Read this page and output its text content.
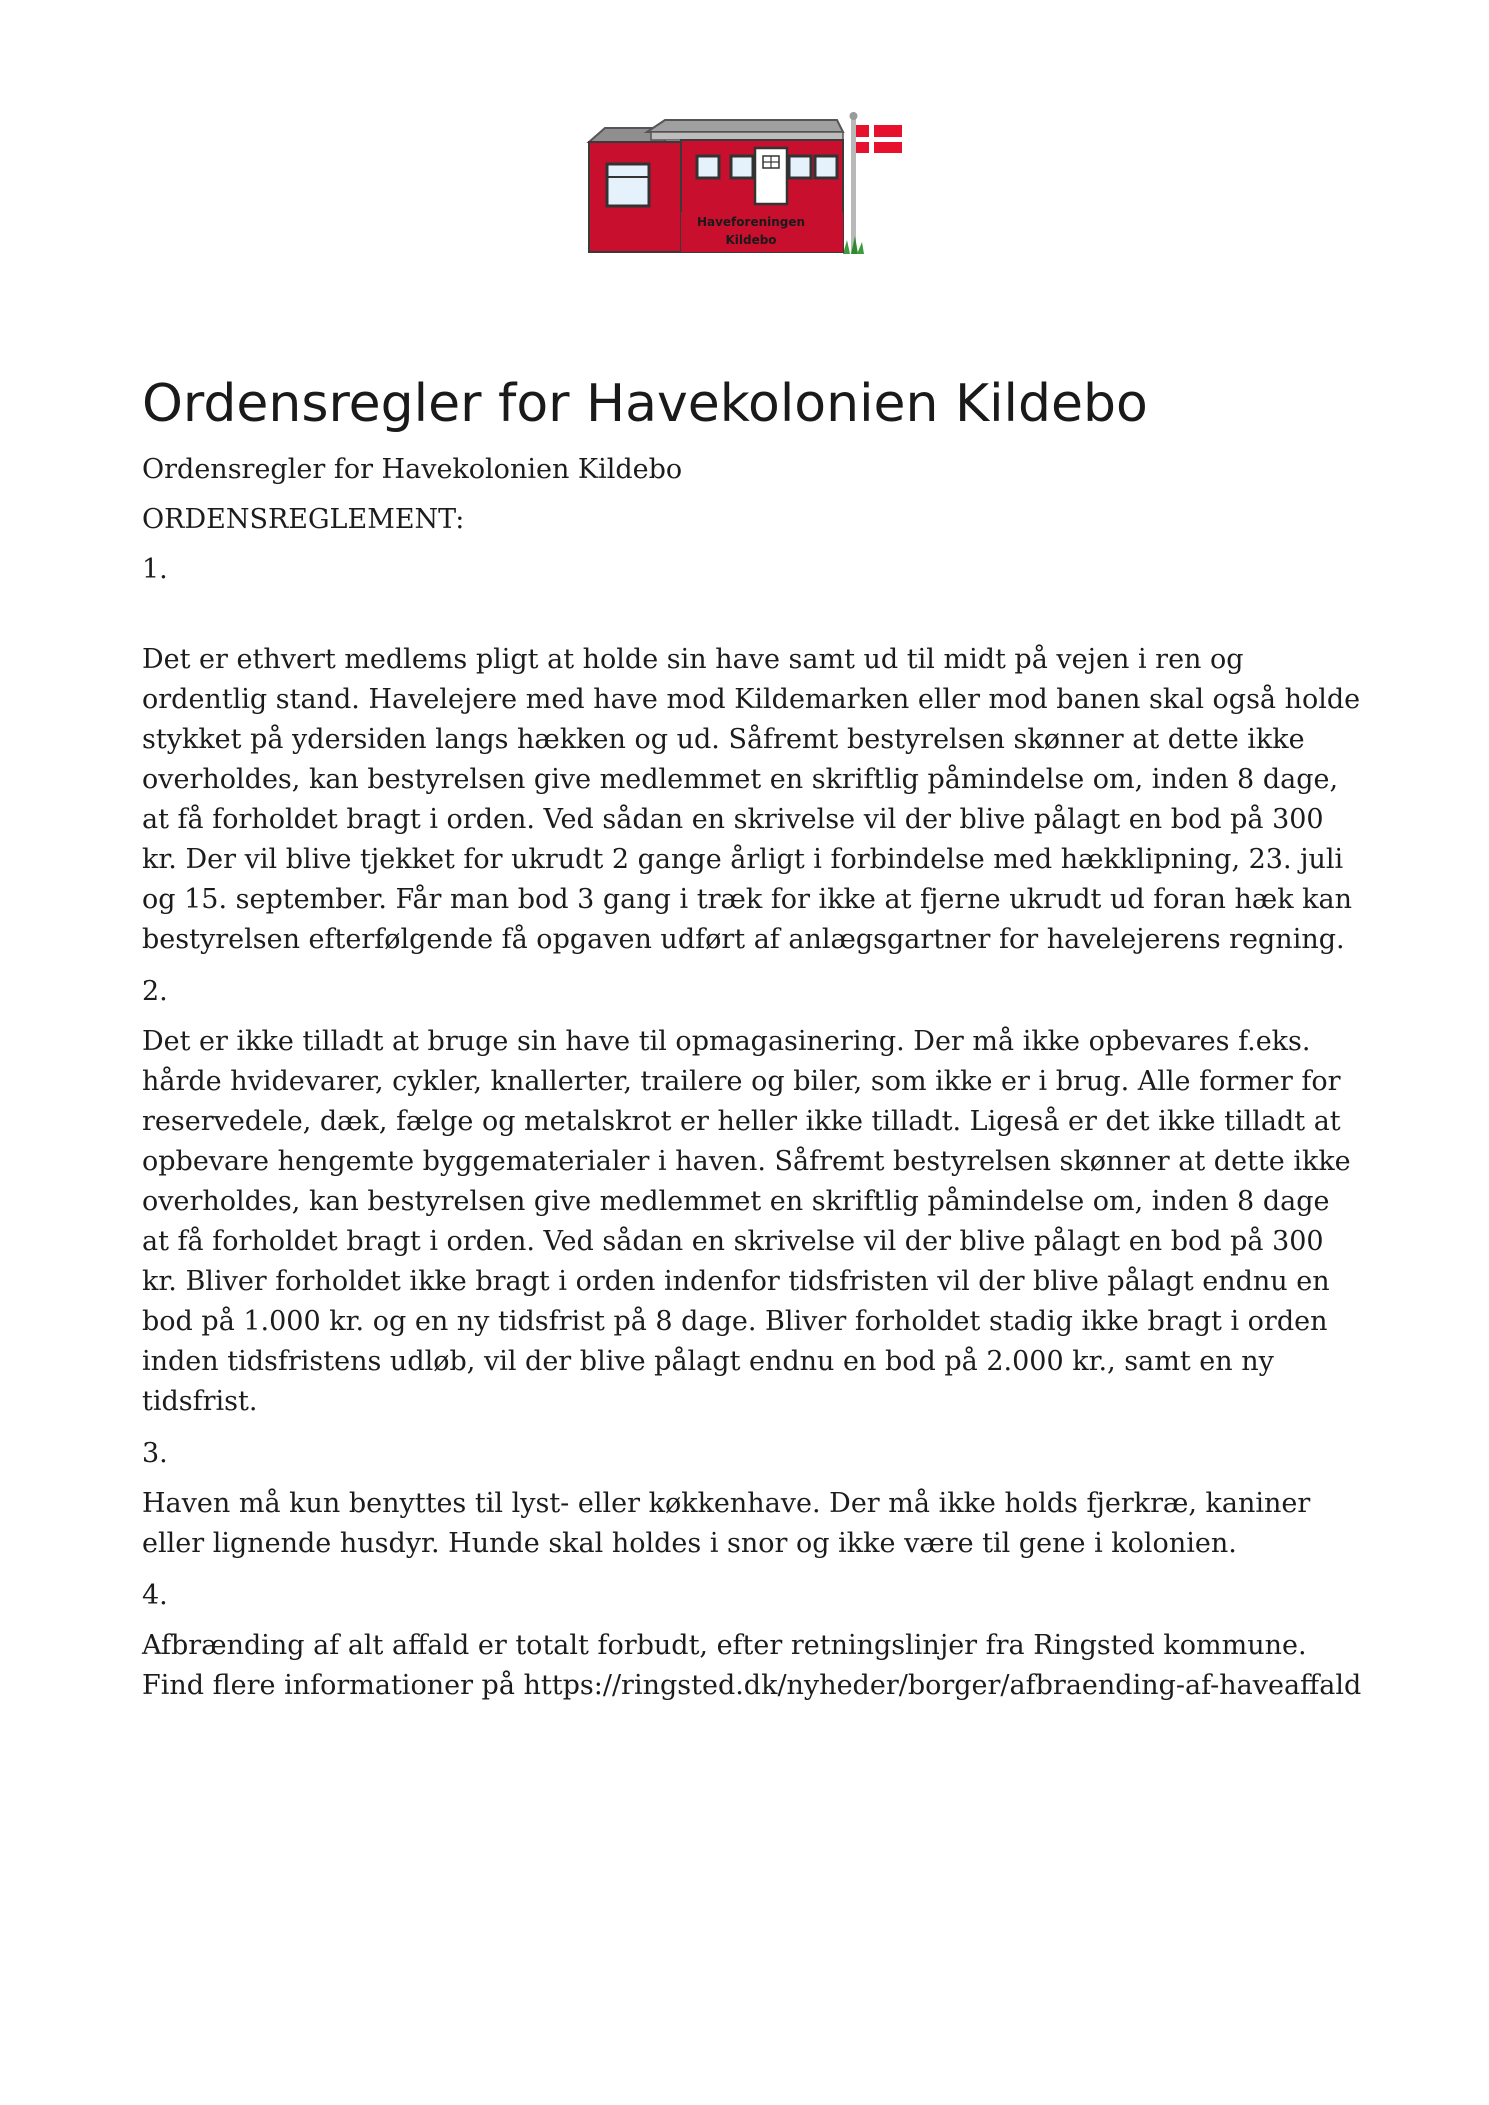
Haveforeningen
Kildebo
Ordensregler for Havekolonien Kildebo
Ordensregler for Havekolonien Kildebo
ORDENSREGLEMENT:
1.
Det er ethvert medlems pligt at holde sin have samt ud til midt på vejen i ren og ordentlig stand. Havelejere med have mod Kildemarken eller mod banen skal også holde stykket på ydersiden langs hækken og ud. Såfremt bestyrelsen skønner at dette ikke overholdes, kan bestyrelsen give medlemmet en skriftlig påmindelse om, inden 8 dage, at få forholdet bragt i orden. Ved sådan en skrivelse vil der blive pålagt en bod på 300 kr. Der vil blive tjekket for ukrudt 2 gange årligt i forbindelse med hækklipning, 23. juli og 15. september. Får man bod 3 gang i træk for ikke at fjerne ukrudt ud foran hæk kan bestyrelsen efterfølgende få opgaven udført af anlægsgartner for havelejerens regning.
2.
Det er ikke tilladt at bruge sin have til opmagasinering. Der må ikke opbevares f.eks. hårde hvidevarer, cykler, knallerter, trailere og biler, som ikke er i brug. Alle former for reservedele, dæk, fælge og metalskrot er heller ikke tilladt. Ligeså er det ikke tilladt at opbevare hengemte byggematerialer i haven. Såfremt bestyrelsen skønner at dette ikke overholdes, kan bestyrelsen give medlemmet en skriftlig påmindelse om, inden 8 dage at få forholdet bragt i orden. Ved sådan en skrivelse vil der blive pålagt en bod på 300 kr. Bliver forholdet ikke bragt i orden indenfor tidsfristen vil der blive pålagt endnu en bod på 1.000 kr. og en ny tidsfrist på 8 dage. Bliver forholdet stadig ikke bragt i orden inden tidsfristens udløb, vil der blive pålagt endnu en bod på 2.000 kr., samt en ny tidsfrist.
3.
Haven må kun benyttes til lyst- eller køkkenhave. Der må ikke holds fjerkræ, kaniner eller lignende husdyr. Hunde skal holdes i snor og ikke være til gene i kolonien.
4.
Afbrænding af alt affald er totalt forbudt, efter retningslinjer fra Ringsted kommune. Find flere informationer på https://ringsted.dk/nyheder/borger/afbraending-af-haveaffald
